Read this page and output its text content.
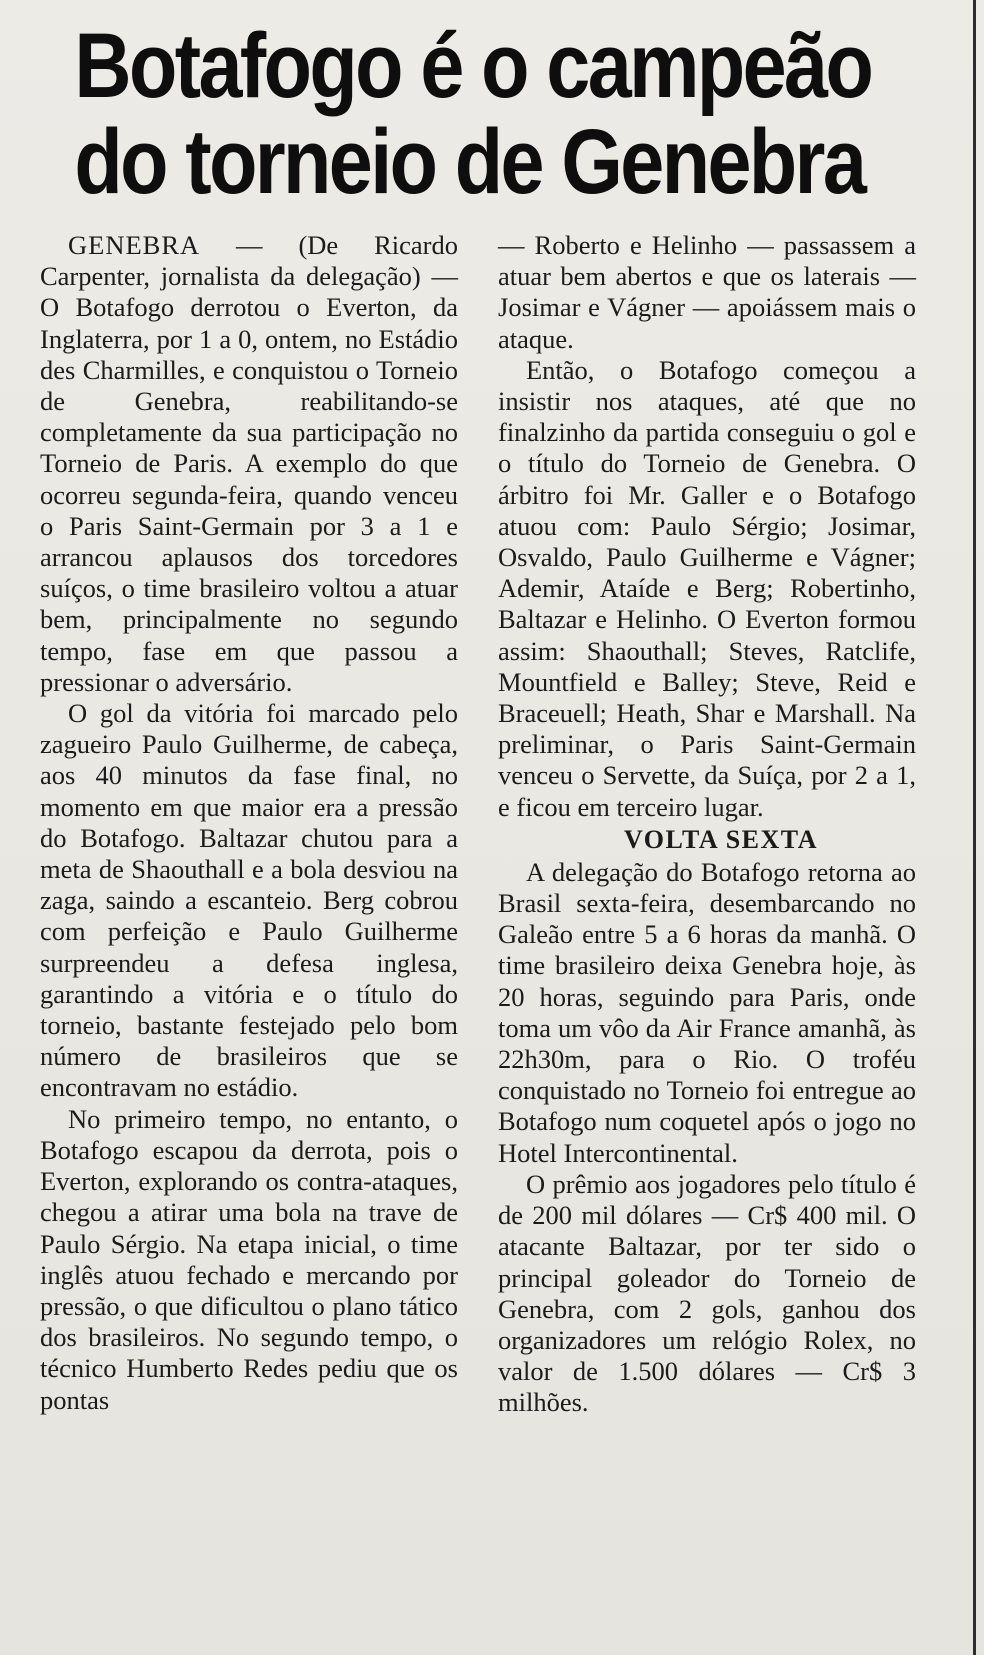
Botafogo é o campeão
do torneio de Genebra

GENEBRA — (De Ricardo Carpenter, jornalista da delegação) — O Botafogo derrotou o Everton, da Inglaterra, por 1 a 0, ontem, no Estádio des Charmilles, e conquistou o Torneio de Genebra, reabilitando-se completamente da sua participação no Torneio de Paris. A exemplo do que ocorreu segunda-feira, quando venceu o Paris Saint-Germain por 3 a 1 e arrancou aplausos dos torcedores suíços, o time brasileiro voltou a atuar bem, principalmente no segundo tempo, fase em que passou a pressionar o adversário.

O gol da vitória foi marcado pelo zagueiro Paulo Guilherme, de cabeça, aos 40 minutos da fase final, no momento em que maior era a pressão do Botafogo. Baltazar chutou para a meta de Shaouthall e a bola desviou na zaga, saindo a escanteio. Berg cobrou com perfeição e Paulo Guilherme surpreendeu a defesa inglesa, garantindo a vitória e o título do torneio, bastante festejado pelo bom número de brasileiros que se encontravam no estádio.

No primeiro tempo, no entanto, o Botafogo escapou da derrota, pois o Everton, explorando os contra-ataques, chegou a atirar uma bola na trave de Paulo Sérgio. Na etapa inicial, o time inglês atuou fechado e mercando por pressão, o que dificultou o plano tático dos brasileiros. No segundo tempo, o técnico Humberto Redes pediu que os pontas

— Roberto e Helinho — passassem a atuar bem abertos e que os laterais — Josimar e Vágner — apoiássem mais o ataque.

Então, o Botafogo começou a insistir nos ataques, até que no finalzinho da partida conseguiu o gol e o título do Torneio de Genebra. O árbitro foi Mr. Galler e o Botafogo atuou com: Paulo Sérgio; Josimar, Osvaldo, Paulo Guilherme e Vágner; Ademir, Ataíde e Berg; Robertinho, Baltazar e Helinho. O Everton formou assim: Shaouthall; Steves, Ratclife, Mountfield e Balley; Steve, Reid e Braceuell; Heath, Shar e Marshall. Na preliminar, o Paris Saint-Germain venceu o Servette, da Suíça, por 2 a 1, e ficou em terceiro lugar.

VOLTA SEXTA

A delegação do Botafogo retorna ao Brasil sexta-feira, desembarcando no Galeão entre 5 a 6 horas da manhã. O time brasileiro deixa Genebra hoje, às 20 horas, seguindo para Paris, onde toma um vôo da Air France amanhã, às 22h30m, para o Rio. O troféu conquistado no Torneio foi entregue ao Botafogo num coquetel após o jogo no Hotel Intercontinental.

O prêmio aos jogadores pelo título é de 200 mil dólares — Cr$ 400 mil. O atacante Baltazar, por ter sido o principal goleador do Torneio de Genebra, com 2 gols, ganhou dos organizadores um relógio Rolex, no valor de 1.500 dólares — Cr$ 3 milhões.
